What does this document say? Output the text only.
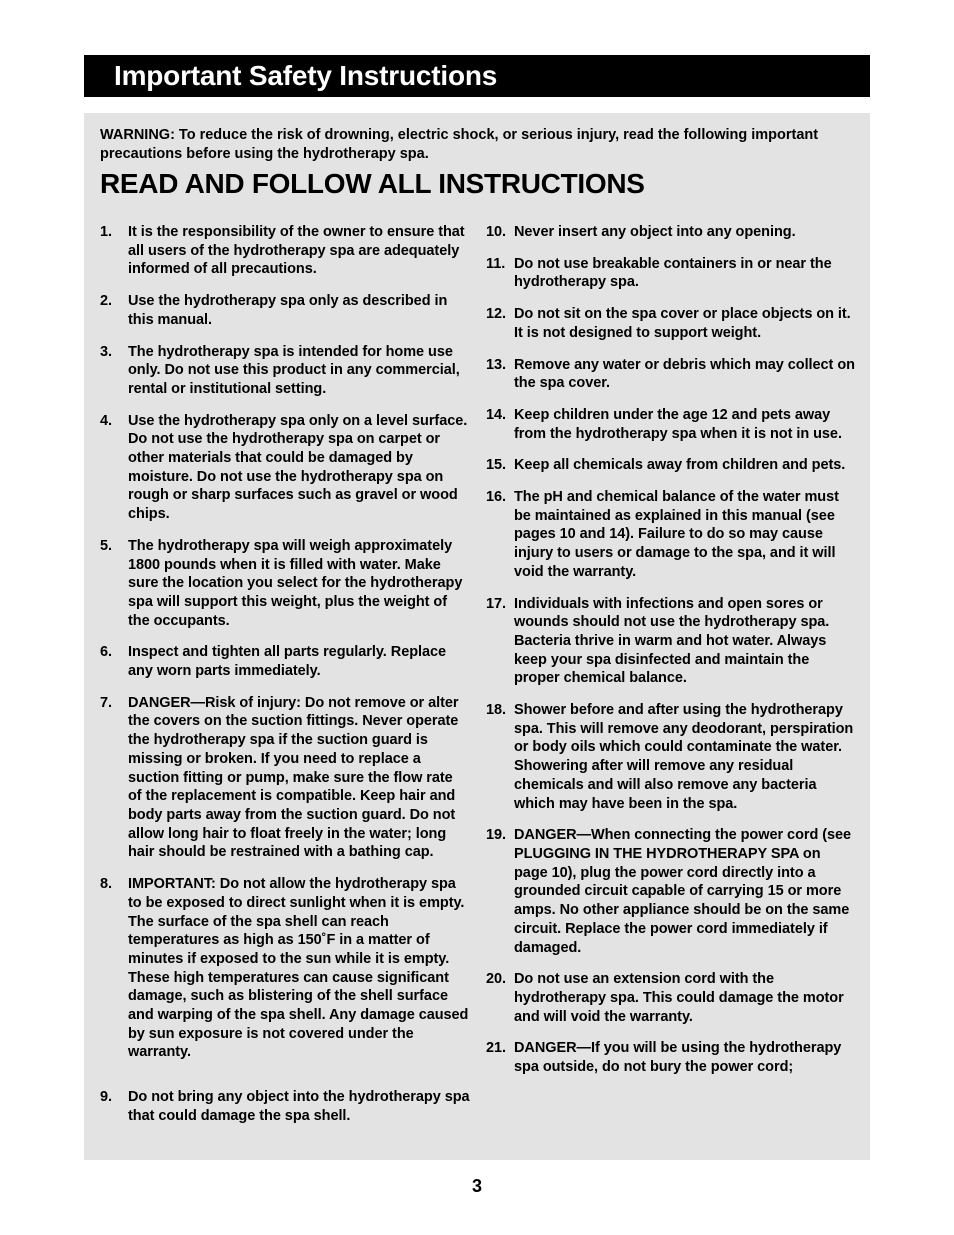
Important Safety Instructions

WARNING: To reduce the risk of drowning, electric shock, or serious injury, read the following important precautions before using the hydrotherapy spa.

READ AND FOLLOW ALL INSTRUCTIONS
1. It is the responsibility of the owner to ensure that all users of the hydrotherapy spa are adequately informed of all precautions.
2. Use the hydrotherapy spa only as described in this manual.
3. The hydrotherapy spa is intended for home use only. Do not use this product in any commercial, rental or institutional setting.
4. Use the hydrotherapy spa only on a level surface. Do not use the hydrotherapy spa on carpet or other materials that could be damaged by moisture. Do not use the hydrotherapy spa on rough or sharp surfaces such as gravel or wood chips.
5. The hydrotherapy spa will weigh approximately 1800 pounds when it is filled with water. Make sure the location you select for the hydrotherapy spa will support this weight, plus the weight of the occupants.
6. Inspect and tighten all parts regularly. Replace any worn parts immediately.
7. DANGER—Risk of injury: Do not remove or alter the covers on the suction fittings. Never operate the hydrotherapy spa if the suction guard is missing or broken. If you need to replace a suction fitting or pump, make sure the flow rate of the replacement is compatible. Keep hair and body parts away from the suction guard. Do not allow long hair to float freely in the water; long hair should be restrained with a bathing cap.
8. IMPORTANT: Do not allow the hydrotherapy spa to be exposed to direct sunlight when it is empty. The surface of the spa shell can reach temperatures as high as 150˚F in a matter of minutes if exposed to the sun while it is empty. These high temperatures can cause significant damage, such as blistering of the shell surface and warping of the spa shell. Any damage caused by sun exposure is not covered under the warranty.
9. Do not bring any object into the hydrotherapy spa that could damage the spa shell.
10. Never insert any object into any opening.
11. Do not use breakable containers in or near the hydrotherapy spa.
12. Do not sit on the spa cover or place objects on it. It is not designed to support weight.
13. Remove any water or debris which may collect on the spa cover.
14. Keep children under the age 12 and pets away from the hydrotherapy spa when it is not in use.
15. Keep all chemicals away from children and pets.
16. The pH and chemical balance of the water must be maintained as explained in this manual (see pages 10 and 14). Failure to do so may cause injury to users or damage to the spa, and it will void the warranty.
17. Individuals with infections and open sores or wounds should not use the hydrotherapy spa. Bacteria thrive in warm and hot water. Always keep your spa disinfected and maintain the proper chemical balance.
18. Shower before and after using the hydrotherapy spa. This will remove any deodorant, perspiration or body oils which could contaminate the water. Showering after will remove any residual chemicals and will also remove any bacteria which may have been in the spa.
19. DANGER—When connecting the power cord (see PLUGGING IN THE HYDROTHERAPY SPA on page 10), plug the power cord directly into a grounded circuit capable of carrying 15 or more amps. No other appliance should be on the same circuit. Replace the power cord immediately if damaged.
20. Do not use an extension cord with the hydrotherapy spa. This could damage the motor and will void the warranty.
21. DANGER—If you will be using the hydrotherapy spa outside, do not bury the power cord;
3
